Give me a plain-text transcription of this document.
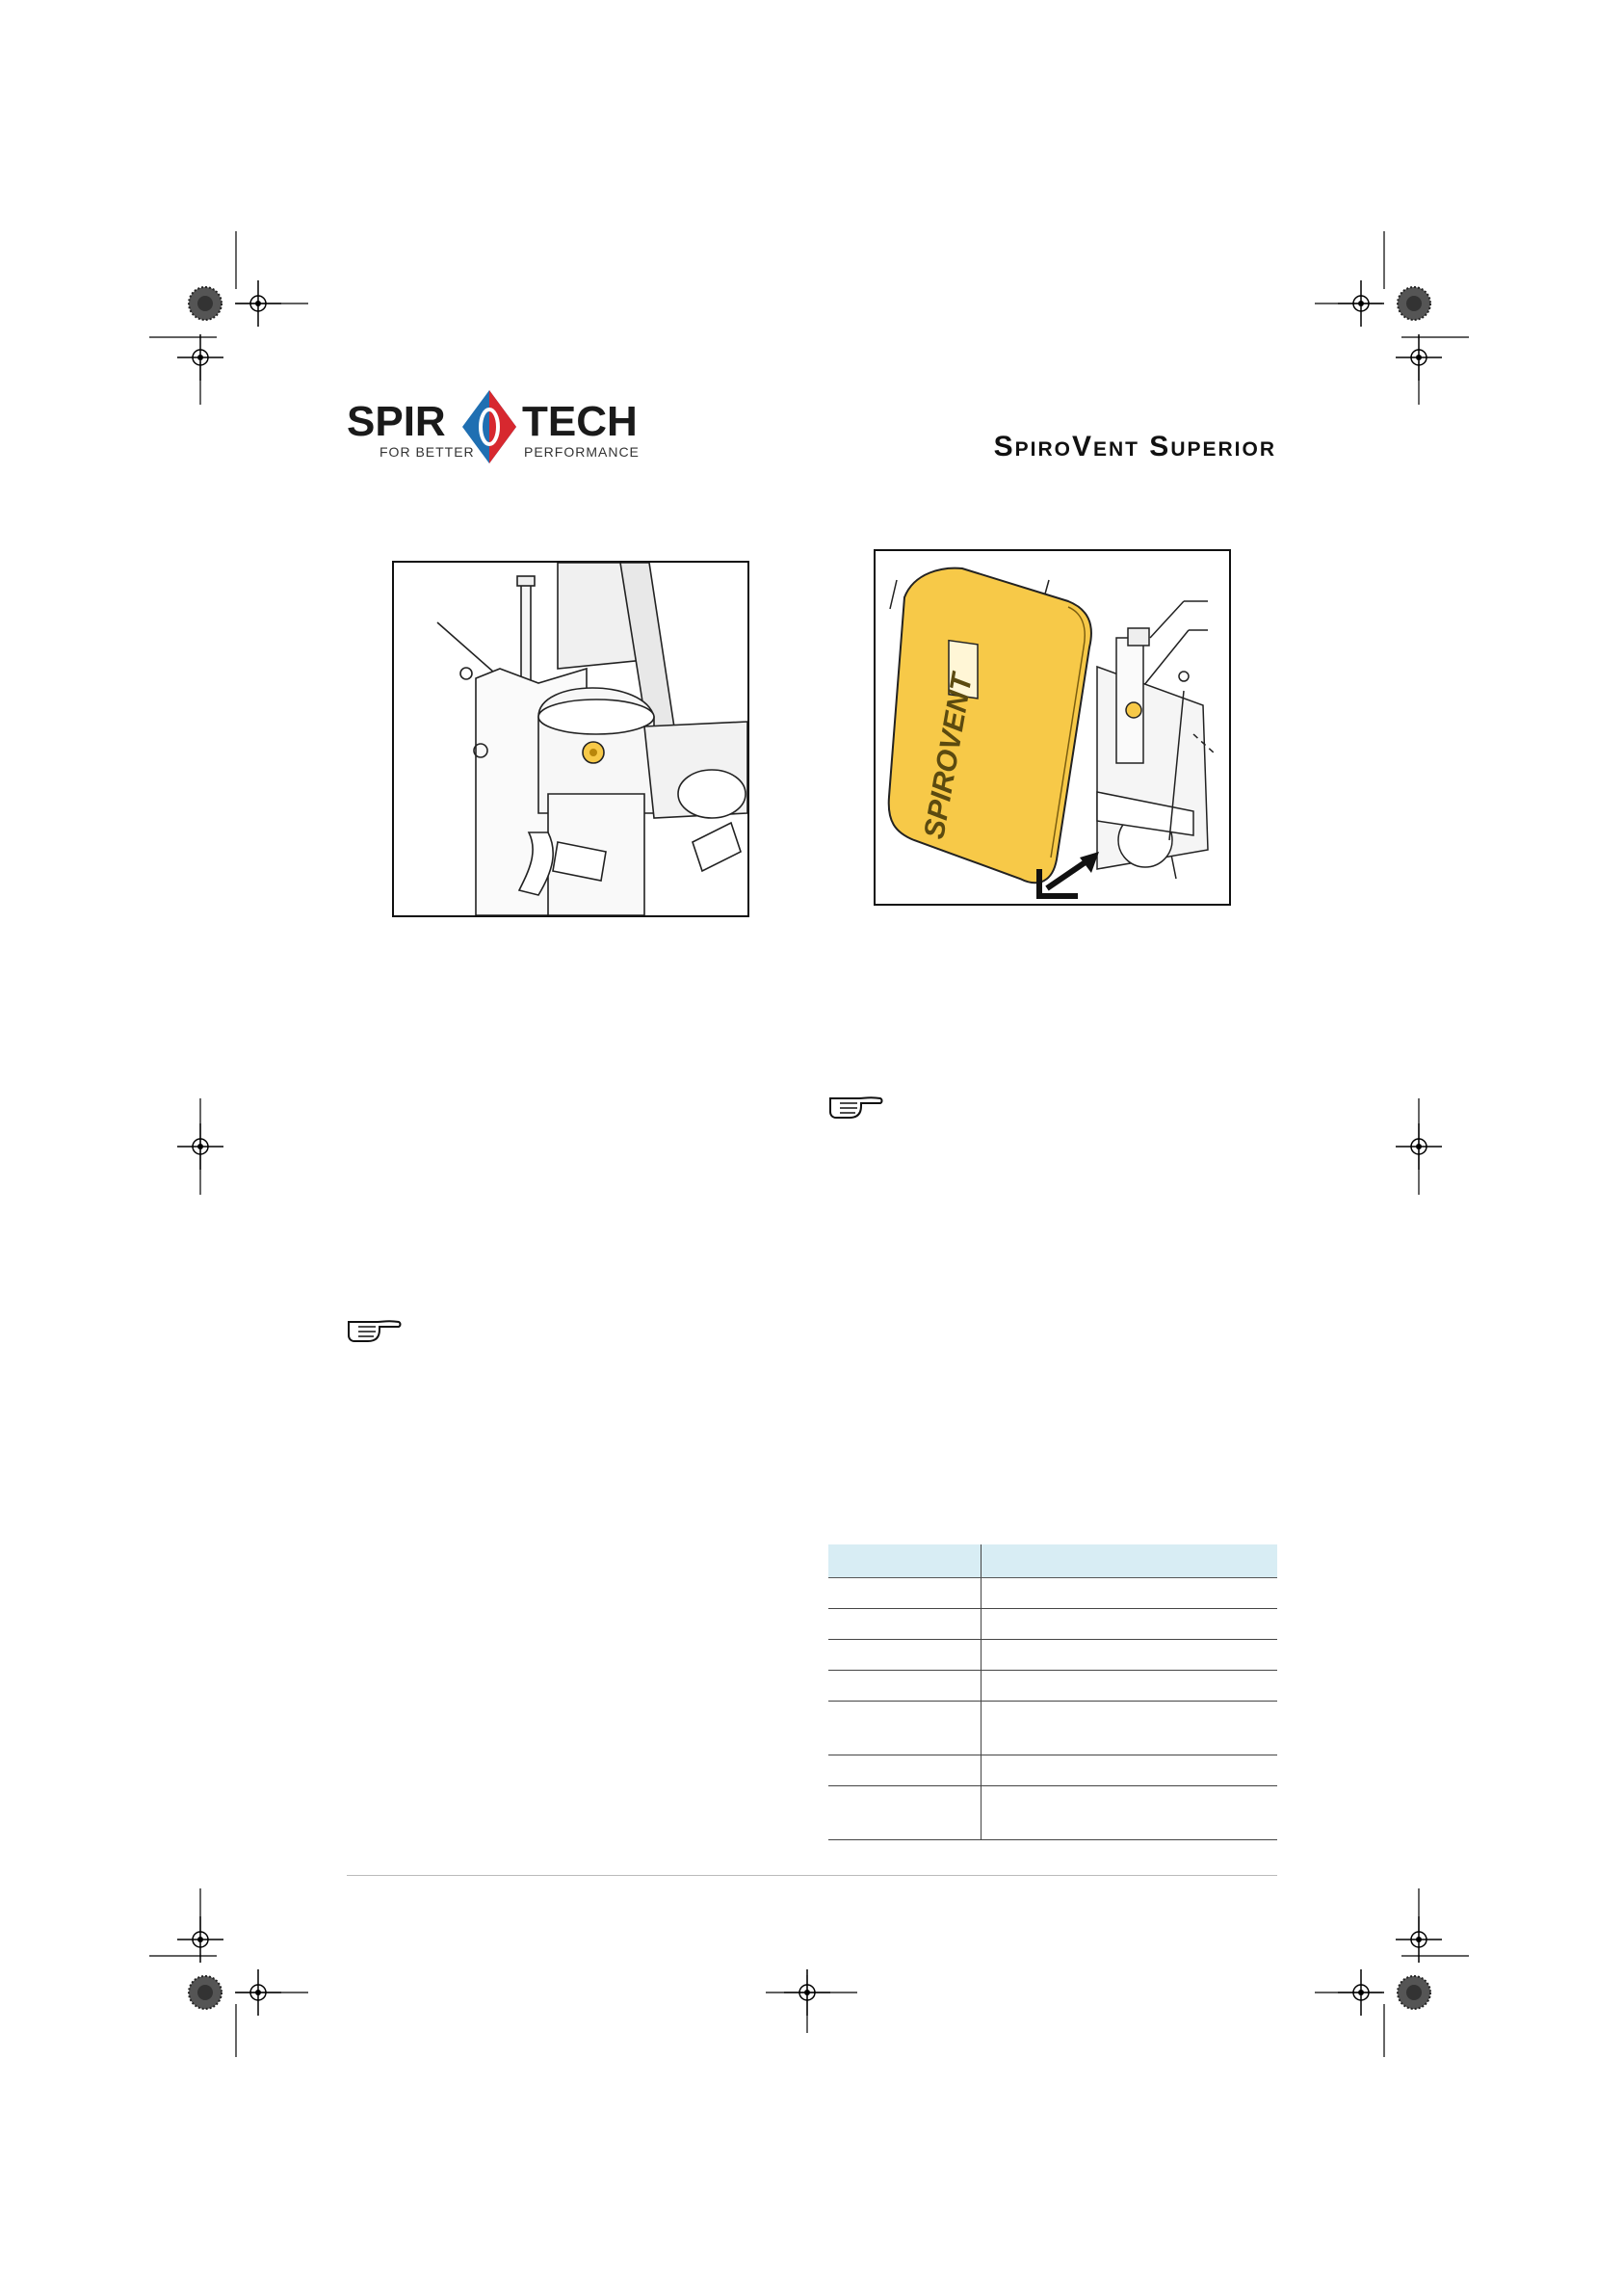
SPIR TECH
FOR BETTER	PERFORMANCE	SpiroVent Superior
SPIROVENT
